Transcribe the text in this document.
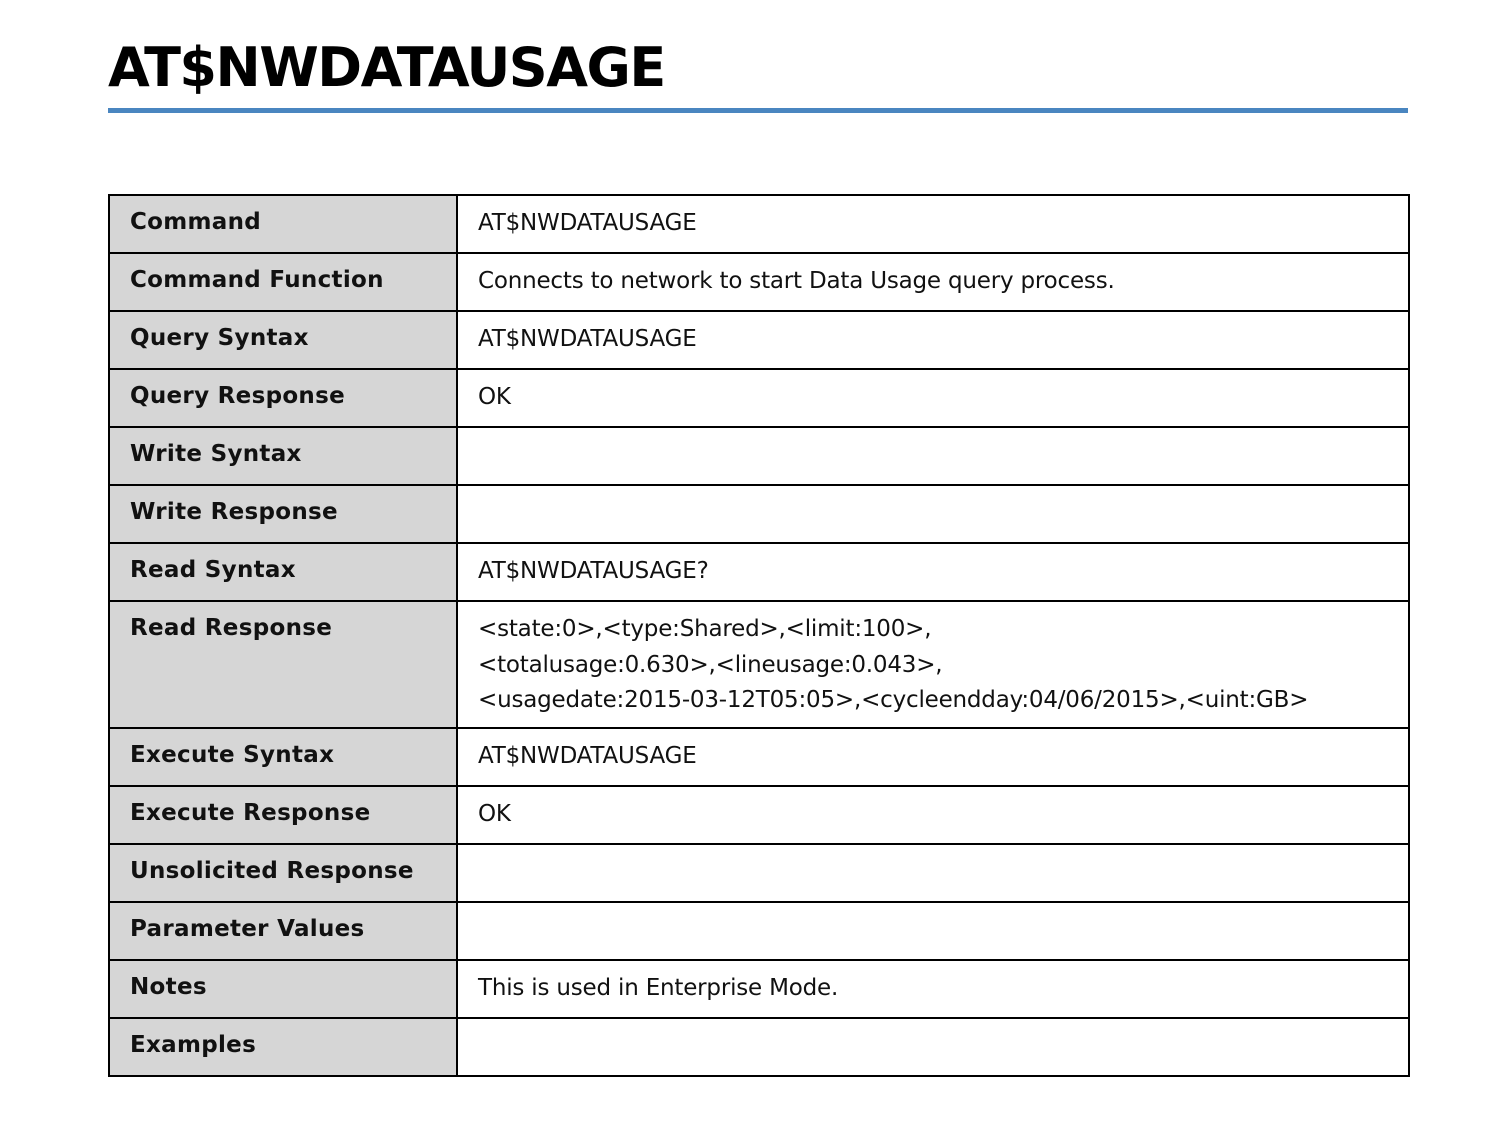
AT$NWDATAUSAGE
Command	AT$NWDATAUSAGE

Command Function	Connects to network to start Data Usage query process.

Query Syntax	AT$NWDATAUSAGE

Query Response	OK

Write Syntax	
Write Response	
Read Syntax	AT$NWDATAUSAGE?

Read Response	<state:0>,<type:Shared>,<limit:100>,
<totalusage:0.630>,<lineusage:0.043>,
<usagedate:2015-03-12T05:05>,<cycleendday:04/06/2015>,<uint:GB>

Execute Syntax	AT$NWDATAUSAGE

Execute Response	OK

Unsolicited Response	
Parameter Values	
Notes	This is used in Enterprise Mode.

Examples	
